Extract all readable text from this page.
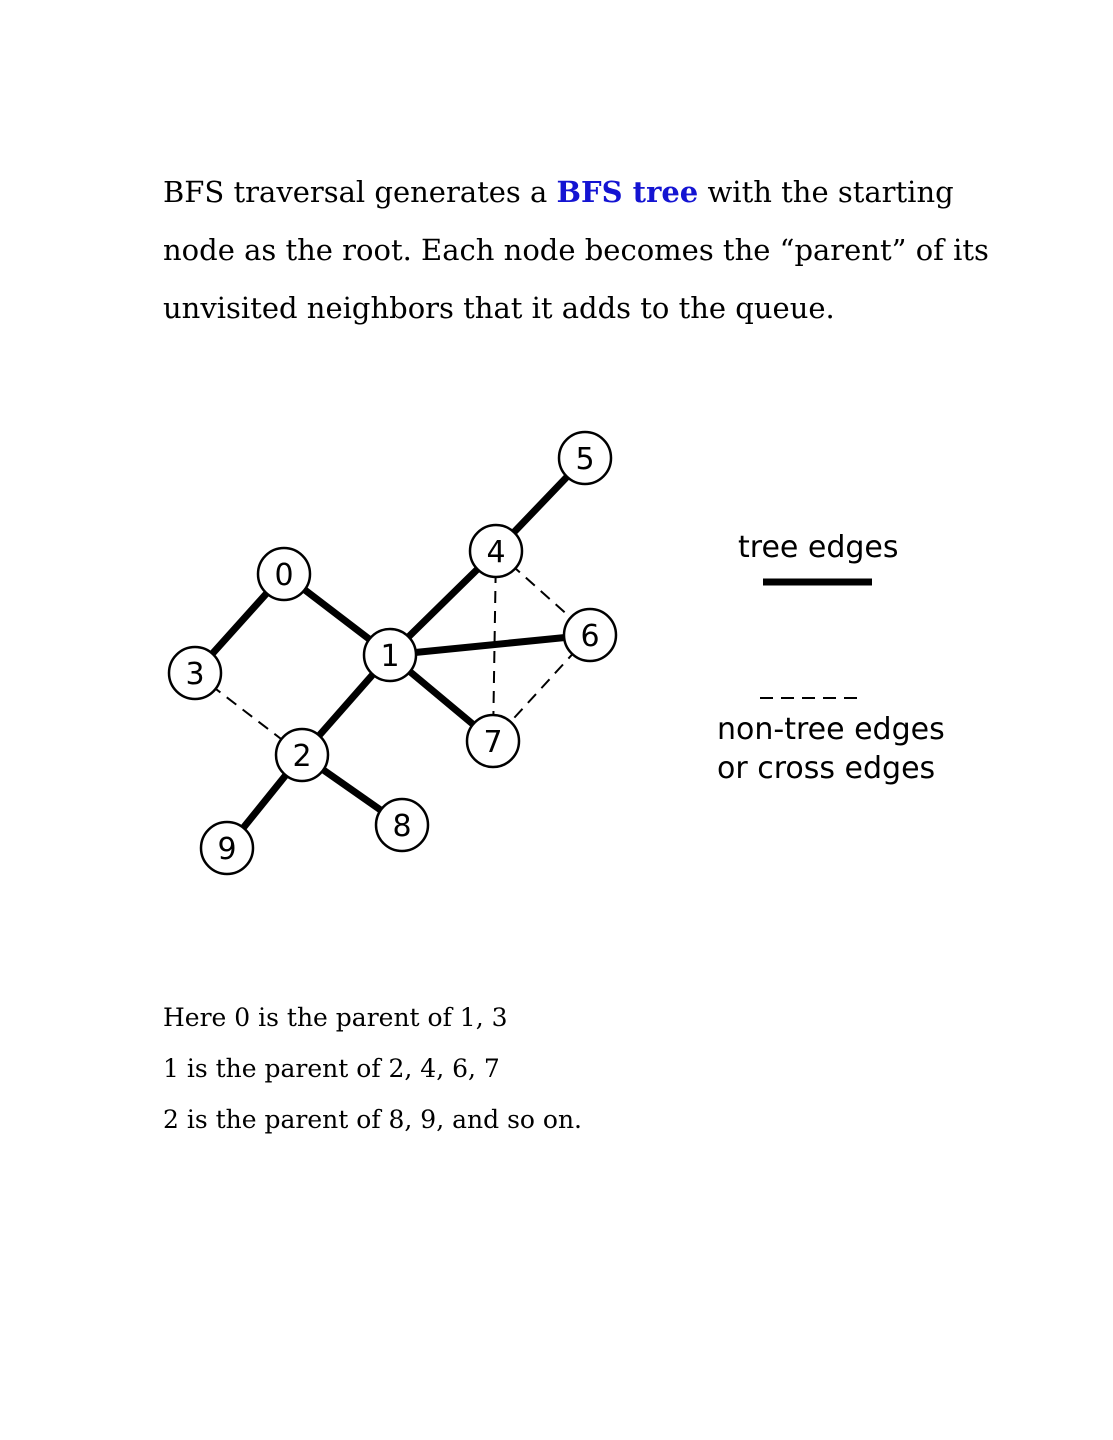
BFS traversal generates a BFS tree with the starting
node as the root. Each node becomes the “parent” of its
unvisited neighbors that it adds to the queue.
0
1
2
3
4
5
6
7
8
9
tree edges
non-tree edges
or cross edges
Here 0 is the parent of 1, 3
1 is the parent of 2, 4, 6, 7
2 is the parent of 8, 9, and so on.
